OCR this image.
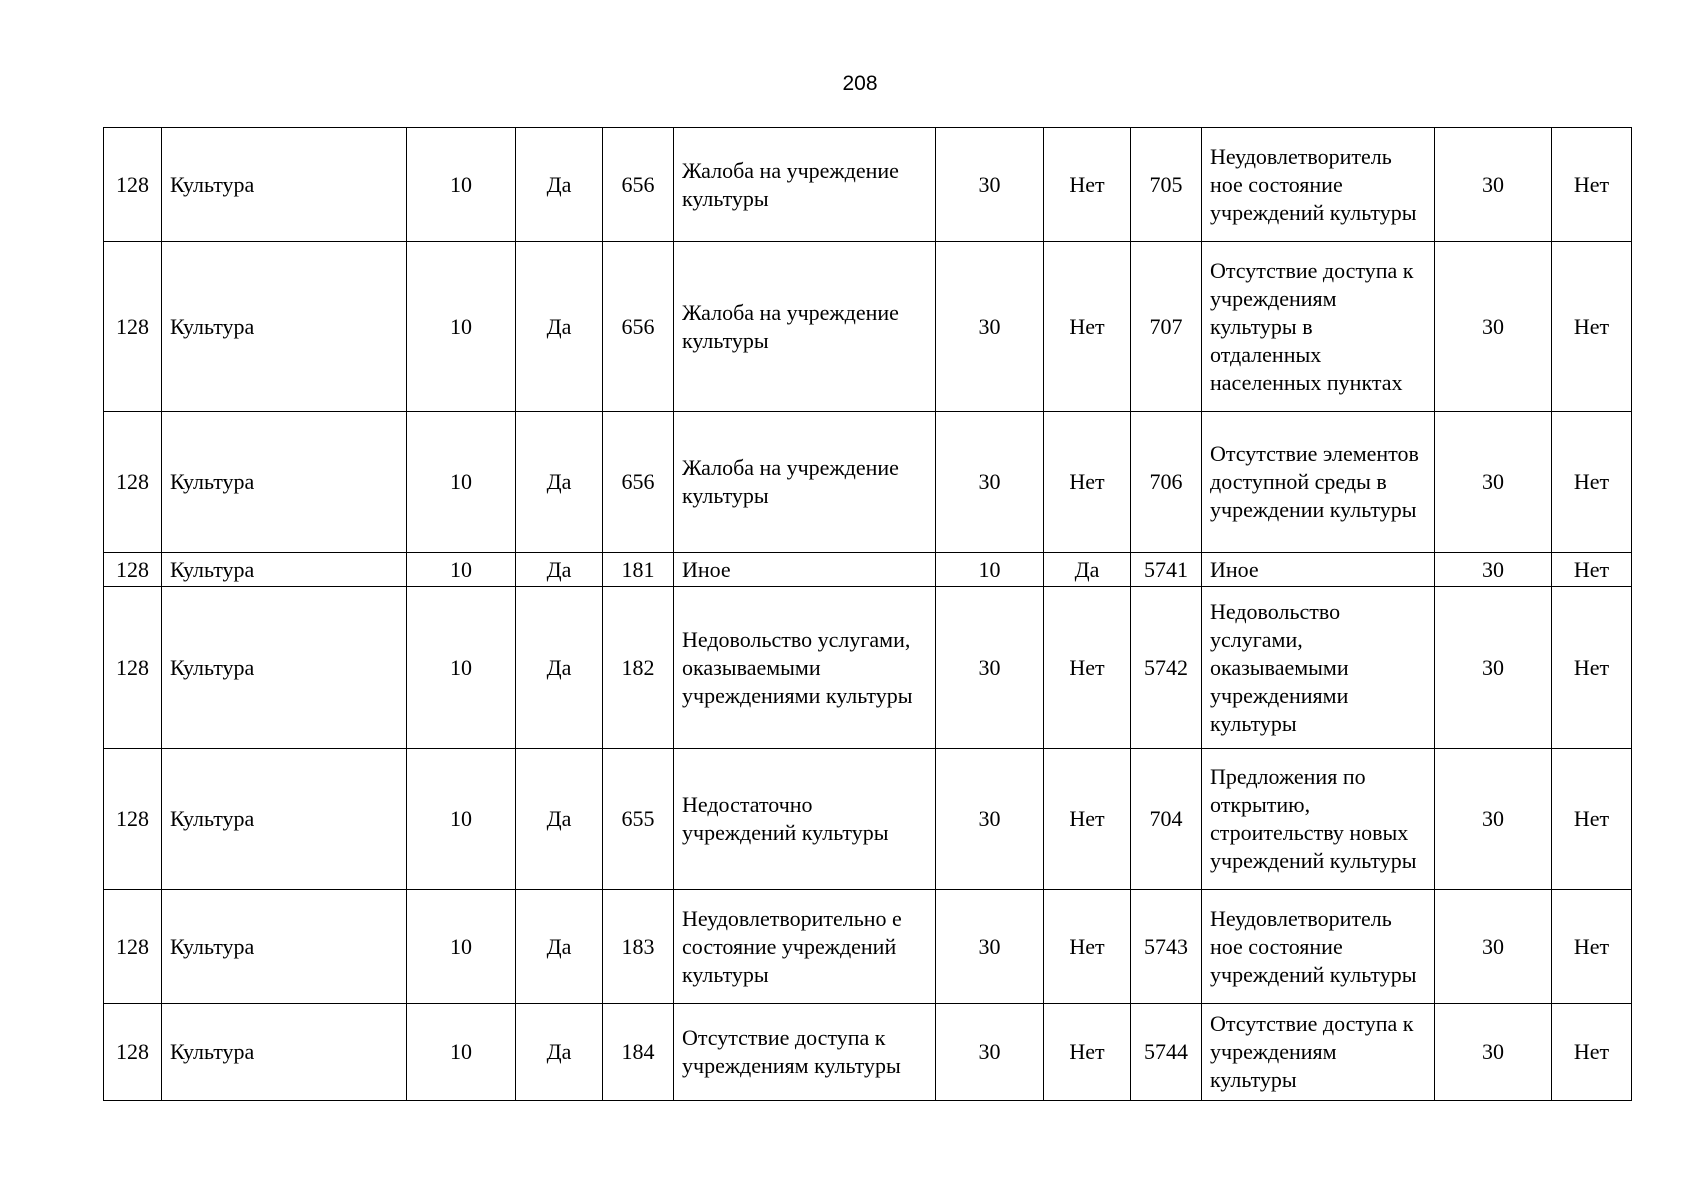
208
128	Культура	10	Да	656	Жалоба на учреждение культуры	30	Нет	705	Неудовлетворитель ное состояние учреждений культуры	30	Нет
128	Культура	10	Да	656	Жалоба на учреждение культуры	30	Нет	707	Отсутствие доступа к учреждениям культуры в отдаленных населенных пунктах	30	Нет
128	Культура	10	Да	656	Жалоба на учреждение культуры	30	Нет	706	Отсутствие элементов доступной среды в учреждении культуры	30	Нет
128	Культура	10	Да	181	Иное	10	Да	5741	Иное	30	Нет
128	Культура	10	Да	182	Недовольство услугами, оказываемыми учреждениями культуры	30	Нет	5742	Недовольство услугами, оказываемыми учреждениями культуры	30	Нет
128	Культура	10	Да	655	Недостаточно учреждений культуры	30	Нет	704	Предложения по открытию, строительству новых учреждений культуры	30	Нет
128	Культура	10	Да	183	Неудовлетворительно е состояние учреждений культуры	30	Нет	5743	Неудовлетворитель ное состояние учреждений культуры	30	Нет
128	Культура	10	Да	184	Отсутствие доступа к учреждениям культуры	30	Нет	5744	Отсутствие доступа к учреждениям культуры	30	Нет
